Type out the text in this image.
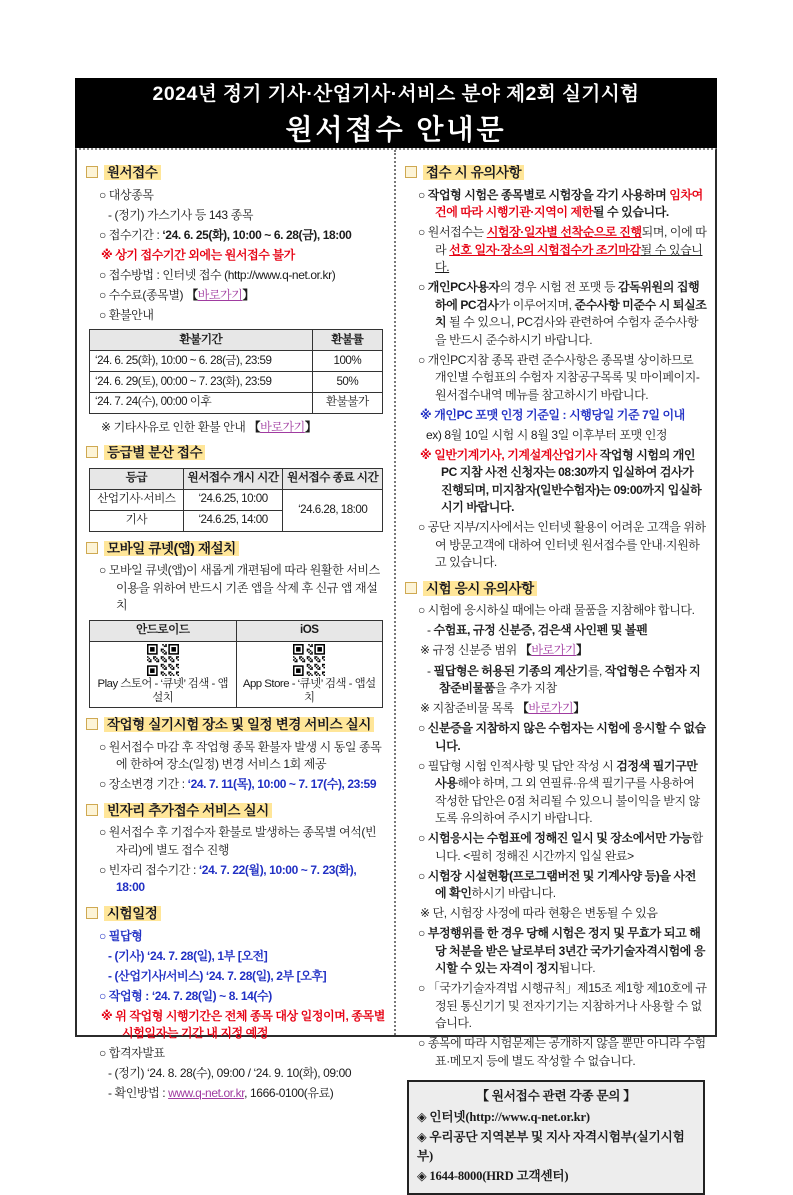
2024년 정기 기사·산업기사·서비스 분야 제2회 실기시험
원서접수 안내문
원서접수
○ 대상종목
- (정기) 가스기사 등 143 종목
○ 접수기간 : ‘24. 6. 25(화), 10:00 ~ 6. 28(금), 18:00
※ 상기 접수기간 외에는 원서접수 불가
○ 접수방법 : 인터넷 접수 (http://www.q-net.or.kr)
○ 수수료(종목별) 【바로가기】
○ 환불안내
환불기간	환불률
‘24. 6. 25(화), 10:00 ~ 6. 28(금), 23:59	100%
‘24. 6. 29(토), 00:00 ~ 7. 23(화), 23:59	50%
‘24. 7. 24(수), 00:00 이후	환불불가
※ 기타사유로 인한 환불 안내 【바로가기】
등급별 분산 접수
등급	원서접수 개시 시간	원서접수 종료 시간
산업기사·서비스	‘24.6.25, 10:00	‘24.6.28, 18:00
기사	‘24.6.25, 14:00	
모바일 큐넷(앱) 재설치
○ 모바일 큐넷(앱)이 새롭게 개편됨에 따라 원활한 서비스 이용을 위하여 반드시 기존 앱을 삭제 후 신규 앱 재설치
안드로이드	iOS

Play 스토어 - ‘큐넷’ 검색 - 앱설치	App Store - ‘큐넷’ 검색 - 앱설치
작업형 실기시험 장소 및 일정 변경 서비스 실시
○ 원서접수 마감 후 작업형 종목 환불자 발생 시 동일 종목에 한하여 장소(일정) 변경 서비스 1회 제공
○ 장소변경 기간 : ‘24. 7. 11(목), 10:00 ~ 7. 17(수), 23:59
빈자리 추가접수 서비스 실시
○ 원서접수 후 기접수자 환불로 발생하는 종목별 여석(빈자리)에 별도 접수 진행
○ 빈자리 접수기간 : ‘24. 7. 22(월), 10:00 ~ 7. 23(화), 18:00
시험일정
○ 필답형
- (기사) ‘24. 7. 28(일), 1부 [오전]
- (산업기사/서비스) ‘24. 7. 28(일), 2부 [오후]
○ 작업형 : ‘24. 7. 28(일) ~ 8. 14(수)
※ 위 작업형 시행기간은 전체 종목 대상 일정이며, 종목별 시험일자는 기간 내 지정 예정
○ 합격자발표
- (정기) ‘24. 8. 28(수), 09:00 / ‘24. 9. 10(화), 09:00
- 확인방법 : www.q-net.or.kr, 1666-0100(유료)
접수 시 유의사항
○ 작업형 시험은 종목별로 시험장을 각기 사용하며 임차여건에 따라 시행기관·지역이 제한될 수 있습니다.
○ 원서접수는 시험장·일자별 선착순으로 진행되며, 이에 따라 선호 일자·장소의 시험접수가 조기마감될 수 있습니다.
○ 개인PC사용자의 경우 시험 전 포맷 등 감독위원의 집행 하에 PC검사가 이루어지며, 준수사항 미준수 시 퇴실조치 될 수 있으니, PC검사와 관련하여 수험자 준수사항을 반드시 준수하시기 바랍니다.
○ 개인PC지참 종목 관련 준수사항은 종목별 상이하므로 개인별 수험표의 수험자 지참공구목록 및 마이페이지-원서접수내역 메뉴를 참고하시기 바랍니다.
※ 개인PC 포맷 인정 기준일 : 시행당일 기준 7일 이내
ex) 8월 10일 시험 시 8월 3일 이후부터 포맷 인정
※ 일반기계기사, 기계설계산업기사 작업형 시험의 개인PC 지참 사전 신청자는 08:30까지 입실하여 검사가 진행되며, 미지참자(일반수험자)는 09:00까지 입실하시기 바랍니다.
○ 공단 지부/지사에서는 인터넷 활용이 어려운 고객을 위하여 방문고객에 대하여 인터넷 원서접수를 안내·지원하고 있습니다.
시험 응시 유의사항
○ 시험에 응시하실 때에는 아래 물품을 지참해야 합니다.
- 수험표, 규정 신분증, 검은색 사인펜 및 볼펜
※ 규정 신분증 범위 【바로가기】
- 필답형은 허용된 기종의 계산기를, 작업형은 수험자 지참준비물품을 추가 지참
※ 지참준비물 목록 【바로가기】
○ 신분증을 지참하지 않은 수험자는 시험에 응시할 수 없습니다.
○ 필답형 시험 인적사항 및 답안 작성 시 검정색 필기구만 사용해야 하며, 그 외 연필류·유색 필기구를 사용하여 작성한 답안은 0점 처리될 수 있으니 불이익을 받지 않도록 유의하여 주시기 바랍니다.
○ 시험응시는 수험표에 정해진 일시 및 장소에서만 가능합니다. <필히 정해진 시간까지 입실 완료>
○ 시험장 시설현황(프로그램버전 및 기계사양 등)을 사전에 확인하시기 바랍니다.
※ 단, 시험장 사정에 따라 현황은 변동될 수 있음
○ 부정행위를 한 경우 당해 시험은 정지 및 무효가 되고 해당 처분을 받은 날로부터 3년간 국가기술자격시험에 응시할 수 있는 자격이 정지됩니다.
○ 「국가기술자격법 시행규칙」제15조 제1항 제10호에 규정된 통신기기 및 전자기기는 지참하거나 사용할 수 없습니다.
○ 종목에 따라 시험문제는 공개하지 않을 뿐만 아니라 수험표·메모지 등에 별도 작성할 수 없습니다.
【 원서접수 관련 각종 문의 】
◈ 인터넷(http://www.q-net.or.kr)
◈ 우리공단 지역본부 및 지사 자격시험부(실기시험부)
◈ 1644-8000(HRD 고객센터)
